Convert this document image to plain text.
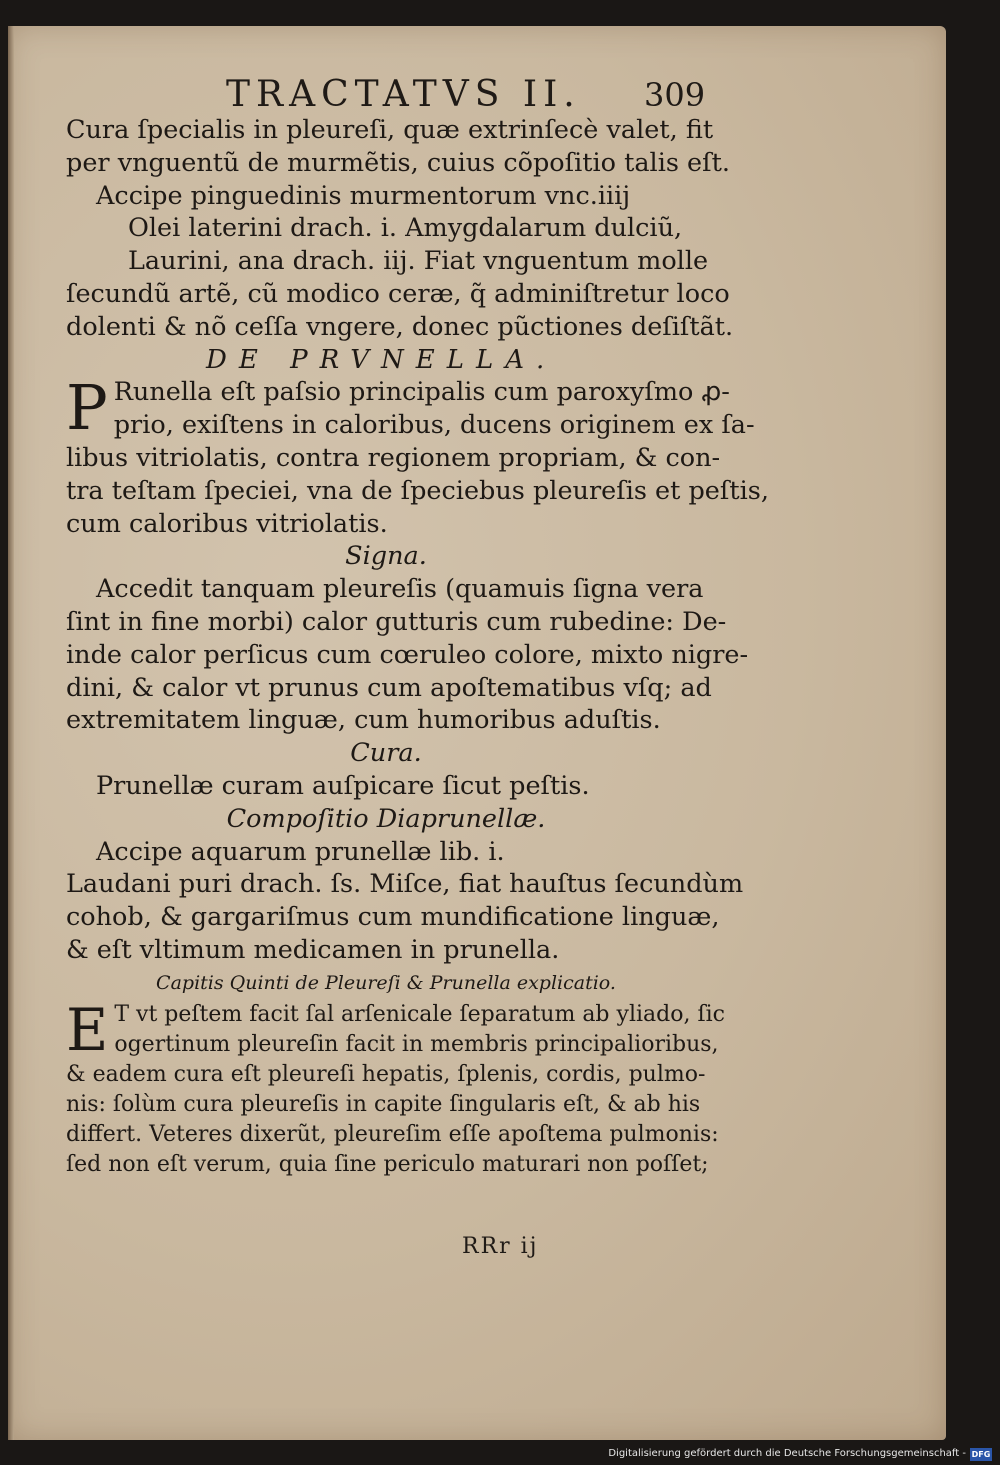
TRACTATVS II. 309
Cura ſpecialis in pleureſi, quæ extrinſecè valet, fit
per vnguentũ de murmẽtis, cuius cõpoſitio talis eſt.
Accipe pinguedinis murmentorum vnc.iiij
Olei laterini drach. i. Amygdalarum dulciũ,
Laurini, ana drach. iij. Fiat vnguentum molle
ſecundũ artẽ, cũ modico ceræ, q̃ adminiſtretur loco
dolenti & nõ ceſſa vngere, donec pũctiones deſiſtãt.
DE PRVNELLA.
P Runella eſt paſsio principalis cum paroxyſmo ꝓ-
prio, exiſtens in caloribus, ducens originem ex ſa-
libus vitriolatis, contra regionem propriam, & con-
tra teſtam ſpeciei, vna de ſpeciebus pleureſis et peſtis,
cum caloribus vitriolatis.
Signa.
Accedit tanquam pleureſis (quamuis ſigna vera
ſint in fine morbi) calor gutturis cum rubedine: De-
inde calor perſicus cum cœruleo colore, mixto nigre-
dini, & calor vt prunus cum apoſtematibus vſq; ad
extremitatem linguæ, cum humoribus aduſtis.
Cura.
Prunellæ curam auſpicare ſicut peſtis.
Compoſitio Diaprunellæ.
Accipe aquarum prunellæ lib. i.
Laudani puri drach. ſs. Miſce, fiat hauſtus ſecundùm
cohob, & gargariſmus cum mundificatione linguæ,
& eſt vltimum medicamen in prunella.
Capitis Quinti de Pleureſi & Prunella explicatio.
E T vt peſtem facit ſal arſenicale ſeparatum ab yliado, ſic
ogertinum pleureſin facit in membris principalioribus,
& eadem cura eſt pleureſi hepatis, ſplenis, cordis, pulmo-
nis: ſolùm cura pleureſis in capite ſingularis eſt, & ab his
differt. Veteres dixerũt, pleureſim eſſe apoſtema pulmonis:
ſed non eſt verum, quia ſine periculo maturari non poſſet;
RRr ij
Digitalisierung gefördert durch die Deutsche Forschungsgemeinschaft - DFG
